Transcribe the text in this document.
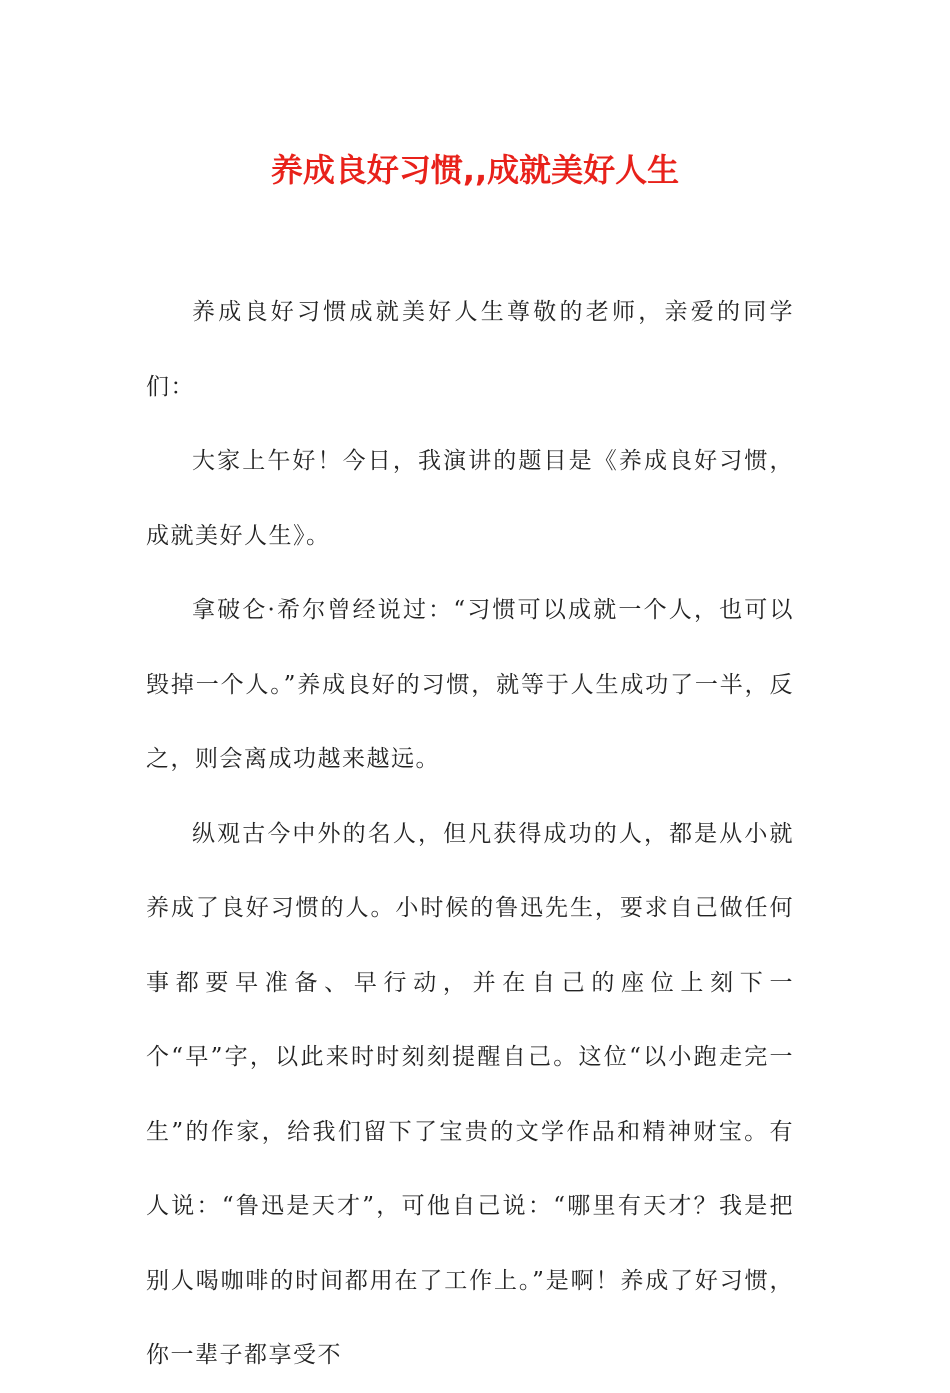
养成良好习惯,,成就美好人生

养成良好习惯成就美好人生尊敬的老师，亲爱的同学们：

大家上午好！今日，我演讲的题目是《养成良好习惯，成就美好人生》。

拿破仑·希尔曾经说过：“习惯可以成就一个人，也可以毁掉一个人。”养成良好的习惯，就等于人生成功了一半，反之，则会离成功越来越远。

纵观古今中外的名人，但凡获得成功的人，都是从小就养成了良好习惯的人。小时候的鲁迅先生，要求自己做任何事都要早准备、早行动，并在自己的座位上刻下一个“早”字，以此来时时刻刻提醒自己。这位“以小跑走完一生”的作家，给我们留下了宝贵的文学作品和精神财宝。有人说：“鲁迅是天才”，可他自己说：“哪里有天才？我是把别人喝咖啡的时间都用在了工作上。”是啊！养成了好习惯，你一辈子都享受不
